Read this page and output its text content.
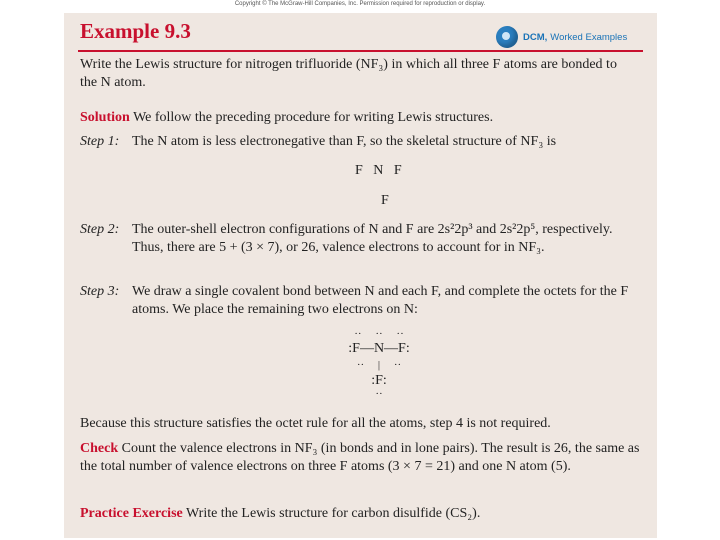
Copyright © The McGraw-Hill Companies, Inc. Permission required for reproduction or display.
Example 9.3	DCM, Worked Examples
Write the Lewis structure for nitrogen trifluoride (NF₃) in which all three F atoms are bonded to the N atom.
Solution We follow the preceding procedure for writing Lewis structures.
Step 1: The N atom is less electronegative than F, so the skeletal structure of NF₃ is
F   N   F
F
Step 2: The outer-shell electron configurations of N and F are 2s²2p³ and 2s²2p⁵, respectively. Thus, there are 5 + (3 × 7), or 26, valence electrons to account for in NF₃.
Step 3: We draw a single covalent bond between N and each F, and complete the octets for the F atoms. We place the remaining two electrons on N:
··     ··     ··
:F—N—F:
··     |     ··
:F:
··
Because this structure satisfies the octet rule for all the atoms, step 4 is not required.
Check Count the valence electrons in NF₃ (in bonds and in lone pairs). The result is 26, the same as the total number of valence electrons on three F atoms (3 × 7 = 21) and one N atom (5).
Practice Exercise Write the Lewis structure for carbon disulfide (CS₂).
